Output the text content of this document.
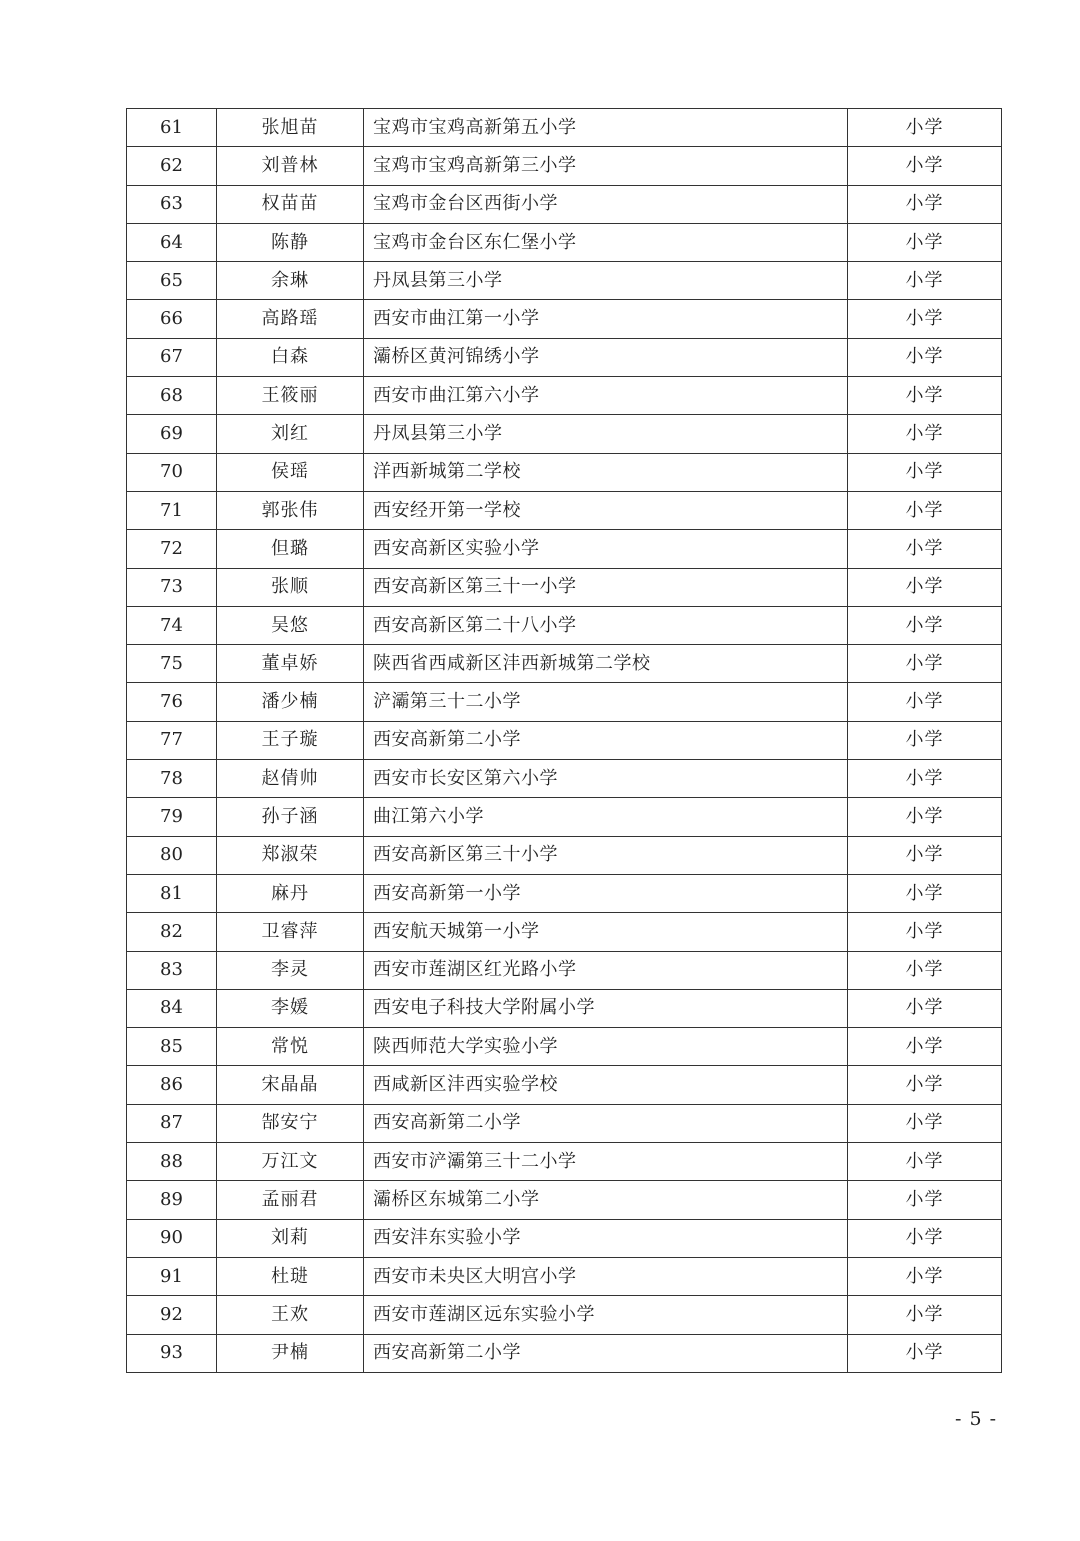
61	张旭苗	宝鸡市宝鸡高新第五小学	小学
62	刘普林	宝鸡市宝鸡高新第三小学	小学
63	权苗苗	宝鸡市金台区西街小学	小学
64	陈静	宝鸡市金台区东仁堡小学	小学
65	余琳	丹凤县第三小学	小学
66	高路瑶	西安市曲江第一小学	小学
67	白森	灞桥区黄河锦绣小学	小学
68	王筱丽	西安市曲江第六小学	小学
69	刘红	丹凤县第三小学	小学
70	侯瑶	洋西新城第二学校	小学
71	郭张伟	西安经开第一学校	小学
72	但璐	西安高新区实验小学	小学
73	张顺	西安高新区第三十一小学	小学
74	吴悠	西安高新区第二十八小学	小学
75	董卓娇	陕西省西咸新区沣西新城第二学校	小学
76	潘少楠	浐灞第三十二小学	小学
77	王子璇	西安高新第二小学	小学
78	赵倩帅	西安市长安区第六小学	小学
79	孙子涵	曲江第六小学	小学
80	郑淑荣	西安高新区第三十小学	小学
81	麻丹	西安高新第一小学	小学
82	卫睿萍	西安航天城第一小学	小学
83	李灵	西安市莲湖区红光路小学	小学
84	李媛	西安电子科技大学附属小学	小学
85	常悦	陕西师范大学实验小学	小学
86	宋晶晶	西咸新区沣西实验学校	小学
87	郜安宁	西安高新第二小学	小学
88	万江文	西安市浐灞第三十二小学	小学
89	孟丽君	灞桥区东城第二小学	小学
90	刘莉	西安沣东实验小学	小学
91	杜琎	西安市未央区大明宫小学	小学
92	王欢	西安市莲湖区远东实验小学	小学
93	尹楠	西安高新第二小学	小学
- 5 -
